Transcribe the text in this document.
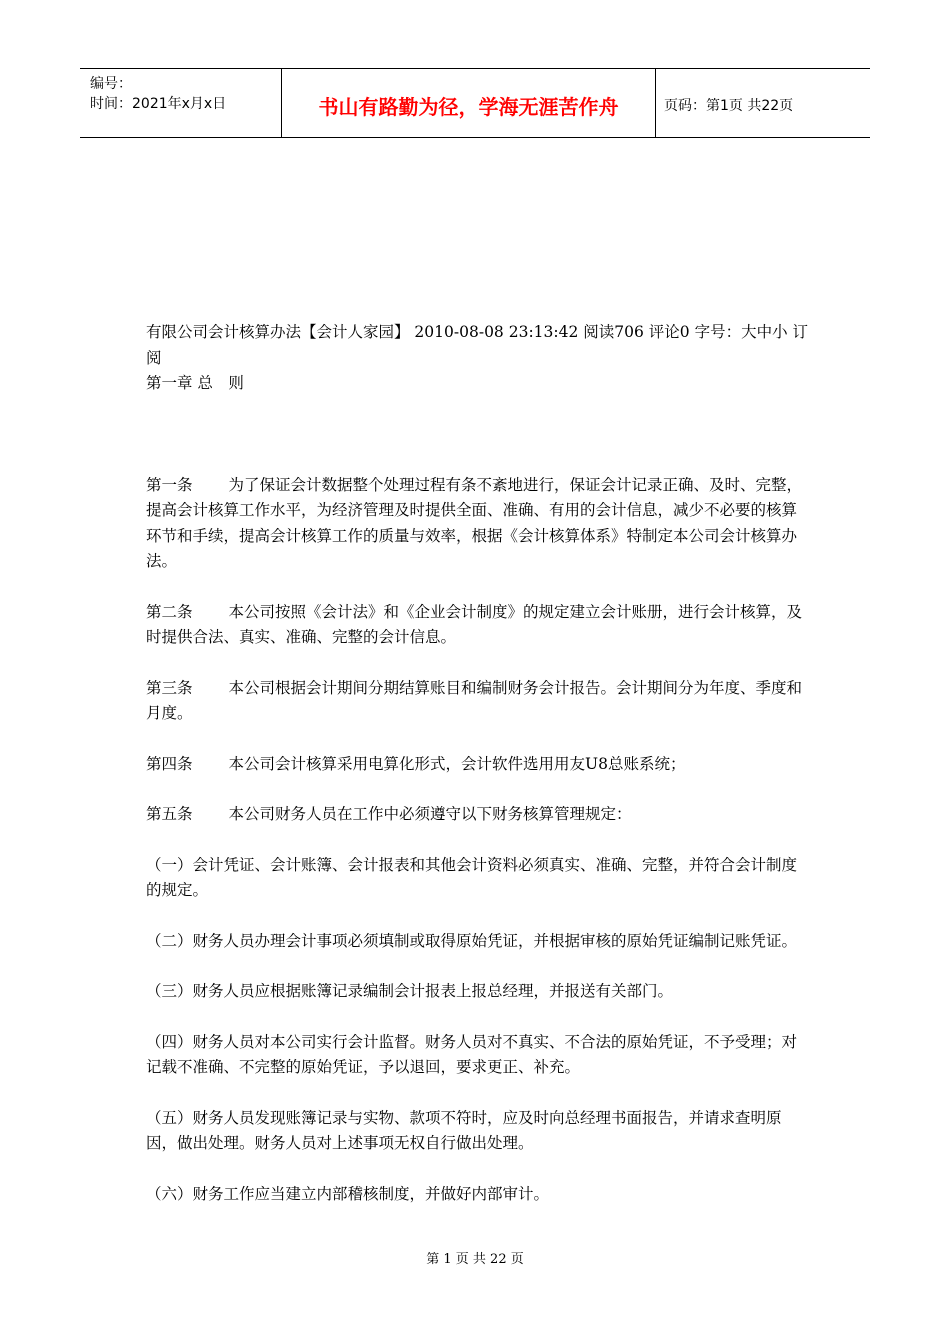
编号：
时间：2021年x月x日	书山有路勤为径，学海无涯苦作舟	页码：第1页 共22页

有限公司会计核算办法【会计人家园】 2010-08-08 23:13:42 阅读706 评论0 字号：大中小 订阅

第一章 总　则

第一条 为了保证会计数据整个处理过程有条不紊地进行，保证会计记录正确、及时、完整，提高会计核算工作水平，为经济管理及时提供全面、准确、有用的会计信息，减少不必要的核算环节和手续，提高会计核算工作的质量与效率，根据《会计核算体系》特制定本公司会计核算办法。

第二条 本公司按照《会计法》和《企业会计制度》的规定建立会计账册，进行会计核算，及时提供合法、真实、准确、完整的会计信息。

第三条 本公司根据会计期间分期结算账目和编制财务会计报告。会计期间分为年度、季度和月度。

第四条 本公司会计核算采用电算化形式，会计软件选用用友U8总账系统；

第五条 本公司财务人员在工作中必须遵守以下财务核算管理规定：

（一）会计凭证、会计账簿、会计报表和其他会计资料必须真实、准确、完整，并符合会计制度的规定。

（二）财务人员办理会计事项必须填制或取得原始凭证，并根据审核的原始凭证编制记账凭证。

（三）财务人员应根据账簿记录编制会计报表上报总经理，并报送有关部门。

（四）财务人员对本公司实行会计监督。财务人员对不真实、不合法的原始凭证，不予受理；对记载不准确、不完整的原始凭证，予以退回，要求更正、补充。

（五）财务人员发现账簿记录与实物、款项不符时，应及时向总经理书面报告，并请求查明原因，做出处理。财务人员对上述事项无权自行做出处理。

（六）财务工作应当建立内部稽核制度，并做好内部审计。

第 1 页 共 22 页
